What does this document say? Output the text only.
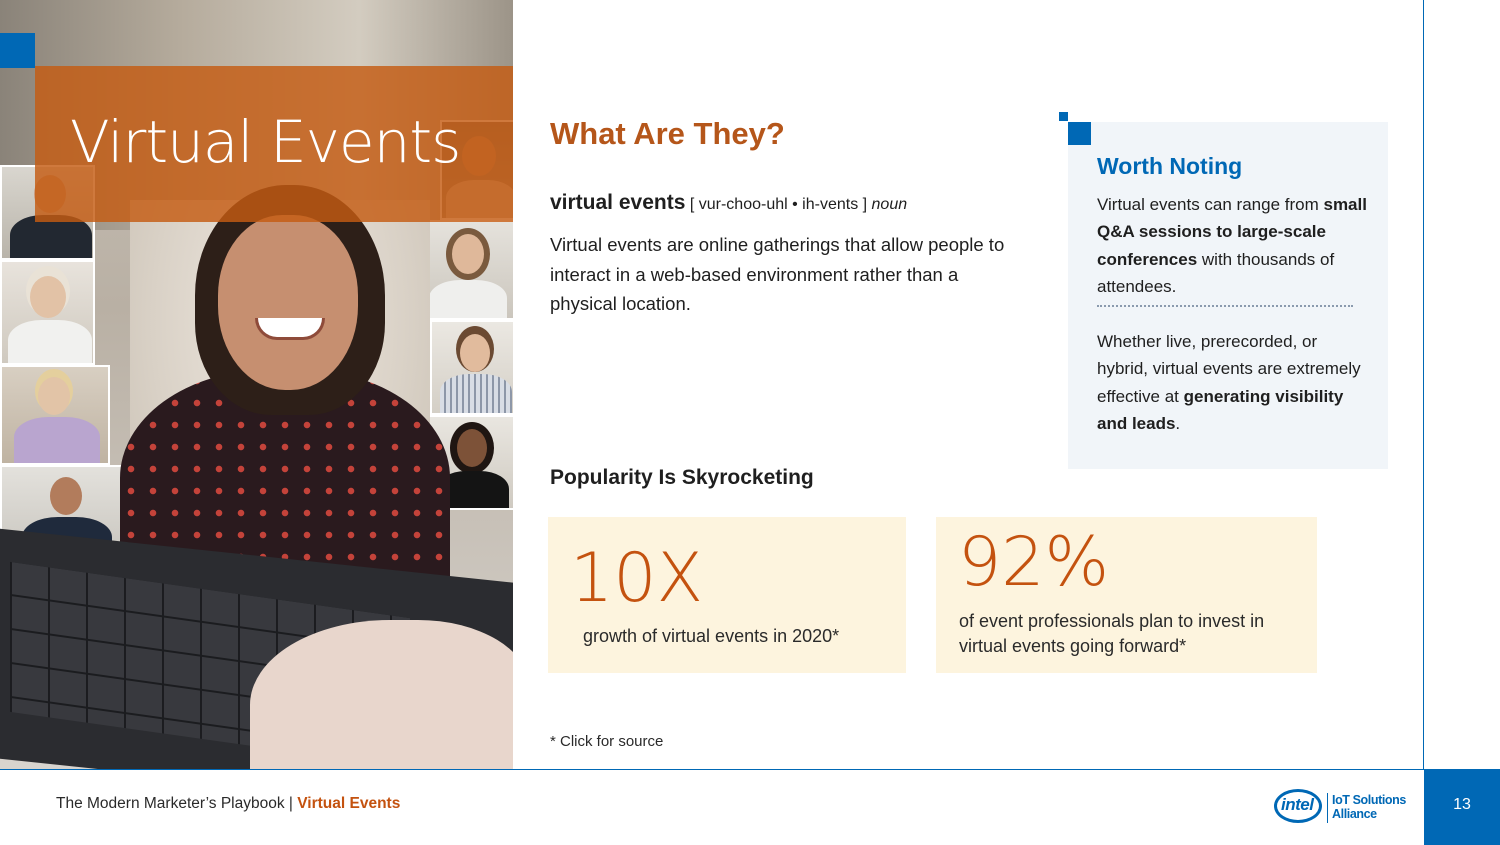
Virtual Events	What Are They?
virtual events [ vur-choo-uhl • ih-vents ] noun
Virtual events are online gatherings that allow people to interact in a web-based environment rather than a physical location.
Popularity Is Skyrocketing
10X
growth of virtual events in 2020*
92%
of event professionals plan to invest in virtual events going forward*
* Click for source
Worth Noting
Virtual events can range from small Q&A sessions to large-scale conferences with thousands of attendees.
Whether live, prerecorded, or hybrid, virtual events are extremely effective at generating visibility and leads.
The Modern Marketer’s Playbook | Virtual Events	intel IoT Solutions
Alliance
13
